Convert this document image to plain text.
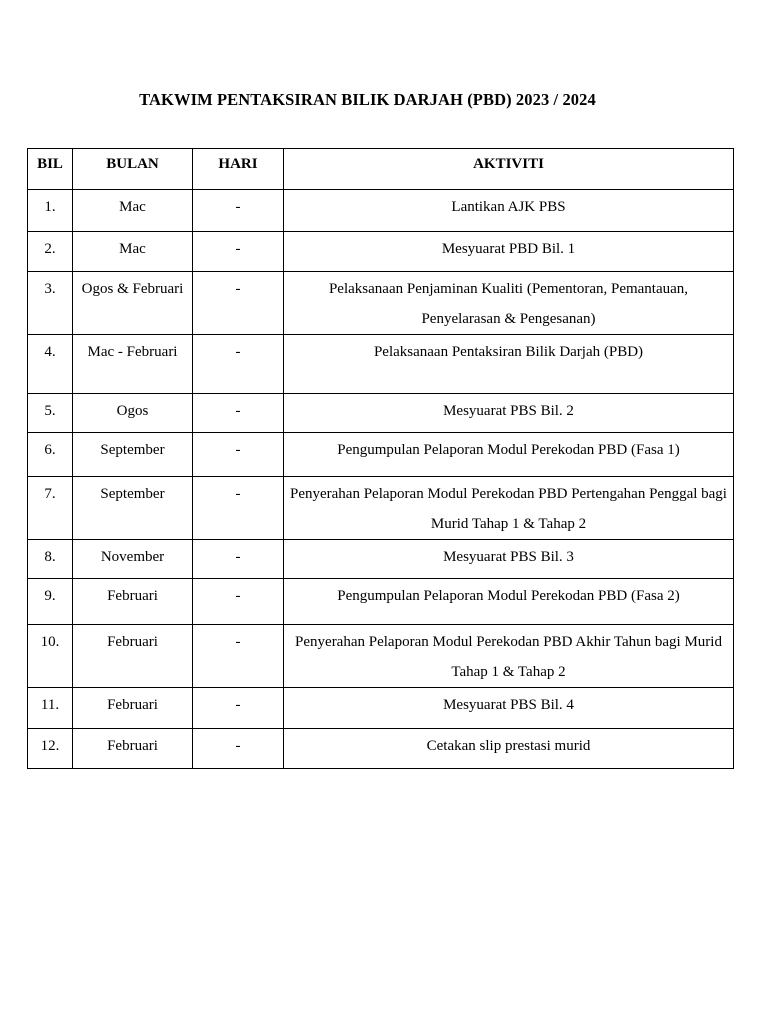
TAKWIM PENTAKSIRAN BILIK DARJAH (PBD) 2023 / 2024
BIL	BULAN	HARI	AKTIVITI
1.	Mac	-	Lantikan AJK PBS
2.	Mac	-	Mesyuarat PBD Bil. 1
3.	Ogos & Februari	-	Pelaksanaan Penjaminan Kualiti (Pementoran, Pemantauan, Penyelarasan & Pengesanan)
4.	Mac - Februari	-	Pelaksanaan Pentaksiran Bilik Darjah (PBD)
5.	Ogos	-	Mesyuarat PBS Bil. 2
6.	September	-	Pengumpulan Pelaporan Modul Perekodan PBD (Fasa 1)
7.	September	-	Penyerahan Pelaporan Modul Perekodan PBD Pertengahan Penggal bagi Murid Tahap 1 & Tahap 2
8.	November	-	Mesyuarat PBS Bil. 3
9.	Februari	-	Pengumpulan Pelaporan Modul Perekodan PBD (Fasa 2)
10.	Februari	-	Penyerahan Pelaporan Modul Perekodan PBD Akhir Tahun bagi Murid Tahap 1 & Tahap 2
11.	Februari	-	Mesyuarat PBS Bil. 4
12.	Februari	-	Cetakan slip prestasi murid
